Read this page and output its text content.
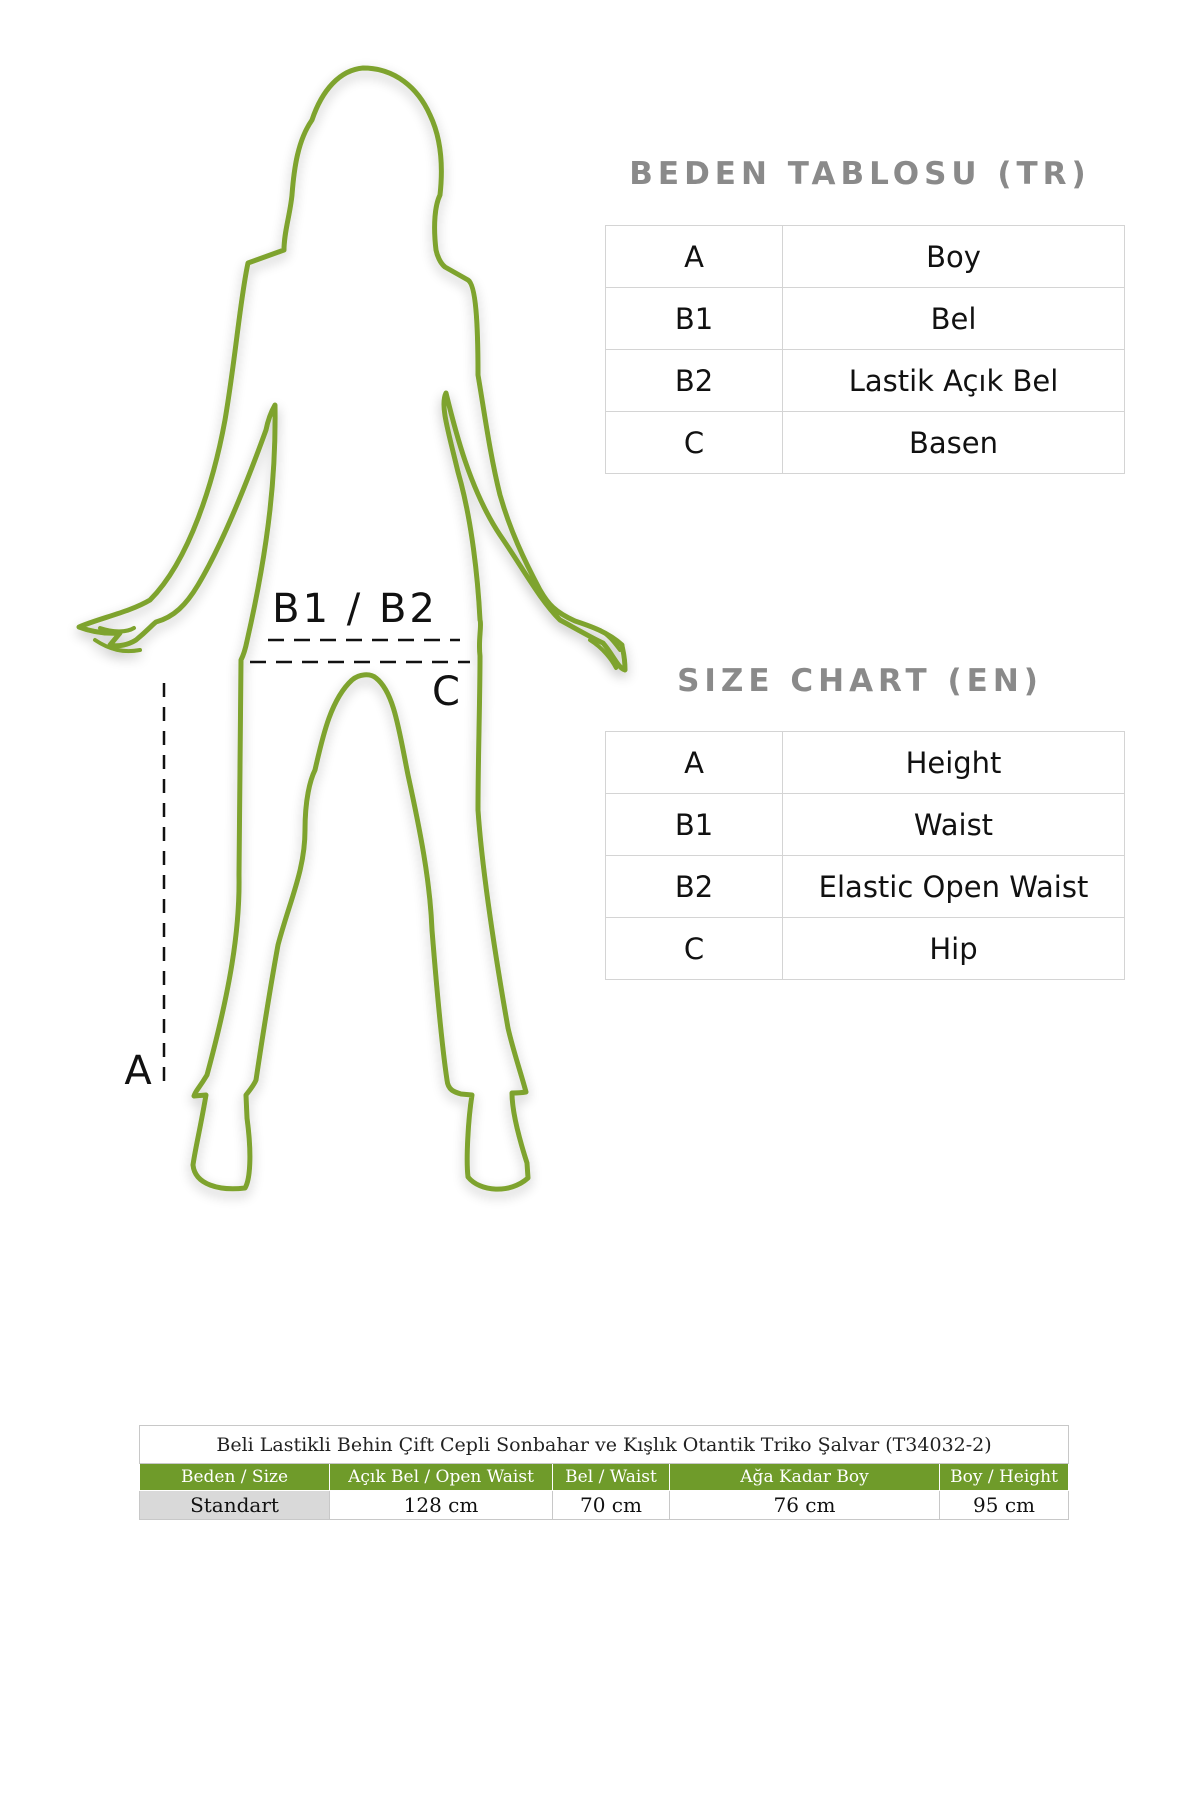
B1 / B2
C
A
BEDEN TABLOSU (TR)
A	Boy
B1	Bel
B2	Lastik Açık Bel
C	Basen
SIZE CHART (EN)
A	Height
B1	Waist
B2	Elastic Open Waist
C	Hip
Beli Lastikli Behin Çift Cepli Sonbahar ve Kışlık Otantik Triko Şalvar (T34032-2)				
Beden / Size	Açık Bel / Open Waist	Bel / Waist	Ağa Kadar Boy	Boy / Height
Standart	128 cm	70 cm	76 cm	95 cm
